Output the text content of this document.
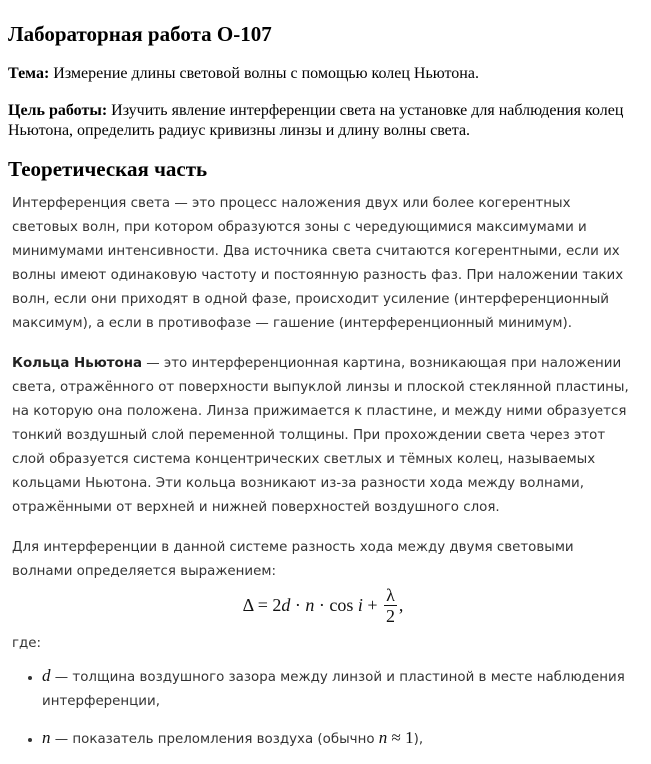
Лабораторная работа О-107

Тема: Измерение длины световой волны с помощью колец Ньютона.

Цель работы: Изучить явление интерференции света на установке для наблюдения колец Ньютона, определить радиус кривизны линзы и длину волны света.

Теоретическая часть

Интерференция света — это процесс наложения двух или более когерентных световых волн, при котором образуются зоны с чередующимися максимумами и минимумами интенсивности. Два источника света считаются когерентными, если их волны имеют одинаковую частоту и постоянную разность фаз. При наложении таких волн, если они приходят в одной фазе, происходит усиление (интерференционный максимум), а если в противофазе — гашение (интерференционный минимум).

Кольца Ньютона — это интерференционная картина, возникающая при наложении света, отражённого от поверхности выпуклой линзы и плоской стеклянной пластины, на которую она положена. Линза прижимается к пластине, и между ними образуется тонкий воздушный слой переменной толщины. При прохождении света через этот слой образуется система концентрических светлых и тёмных колец, называемых кольцами Ньютона. Эти кольца возникают из-за разности хода между волнами, отражёнными от верхней и нижней поверхностей воздушного слоя.

Для интерференции в данной системе разность хода между двумя световыми волнами определяется выражением:

Δ = 2 $d \cdot n \cdot \cos i + \frac{\lambda}{2}$ ,
где:
• d — толщина воздушного зазора между линзой и пластиной в месте наблюдения интерференции,
• n — показатель преломления воздуха (обычно n ≈ 1),
